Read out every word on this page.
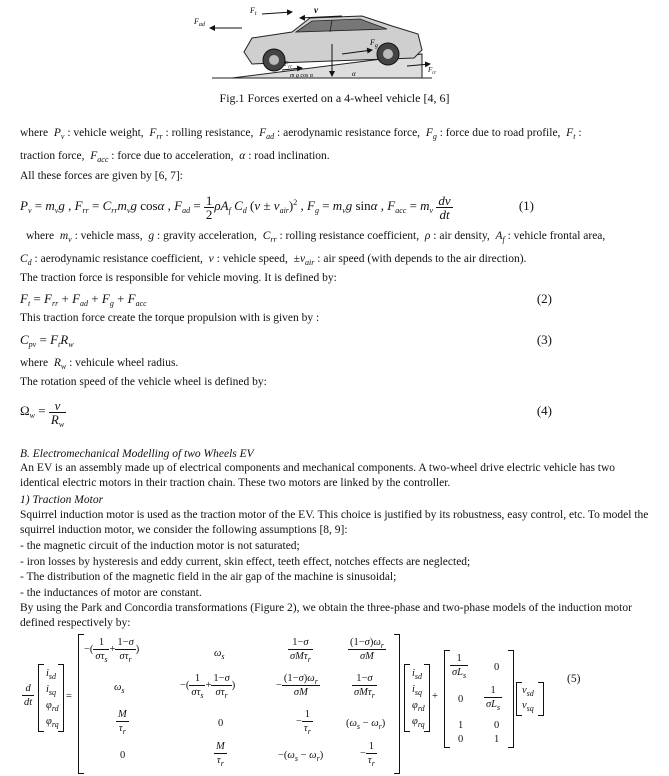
$F_{ad}$
$F_t$	v
$F_g$
$F_{rr}$	$F_{rr}$
m g cos α	α
Fig.1 Forces exerted on a 4-wheel vehicle [4, 6]
where $P_v$ : vehicle weight, $F_{rr}$ : rolling resistance, $F_{ad}$ : aerodynamic resistance force, $F_g$ : force due to road profile, $F_t$ :
traction force, $F_{acc}$ : force due to acceleration, α : road inclination.
All these forces are given by [6, 7]:
$P_v = m_vg$ , $F_{rr} = C_{rr}m_vg$ cosα , $F_{ad} = \frac{1}{2} \rho A_f$ $C_d$ $(v \pm v_{air})^2$ , $F_g = m_vg$ sinα , $F_{acc} = m_v \frac{dv}{dt}$	(1)
where $m_v$ : vehicle mass, g : gravity acceleration, $C_{rr}$ : rolling resistance coefficient, ρ : air density, $A_f$ : vehicle frontal area,
$C_d$ : aerodynamic resistance coefficient, v : vehicle speed,  $\pm v_{air}$ : air speed (with depends to the air direction).
The traction force is responsible for vehicle moving. It is defined by:
$F_t = F_{rr} + F_{ad} + F_g + F_{acc}$	(2)
This traction force create the torque propulsion with is given by :
$C_{pv} = F_tR_w$	(3)
where $R_w$ : vehicule wheel radius.
The rotation speed of the vehicle wheel is defined by:
$\Omega_w = \frac{v}{R_w}$	(4)
B. Electromechanical Modelling of two Wheels EV
An EV is an assembly made up of electrical components and mechanical components. A two-wheel drive electric vehicle has two identical electric motors in their traction chain. These two motors are linked by the controller.
1) Traction Motor
Squirrel induction motor is used as the traction motor of the EV. This choice is justified by its robustness, easy control, etc. To model the squirrel induction motor, we consider the following assumptions [8, 9]:
- the magnetic circuit of the induction motor is not saturated;
- iron losses by hysteresis and eddy current, skin effect, teeth effect, notches effects are neglected;
- The distribution of the magnetic field in the air gap of the machine is sinusoidal;
- the inductances of motor are constant.
By using the Park and Concordia transformations (Figure 2), we obtain the three-phase and two-phase models of the induction motor defined respectively by:
$\frac{d}{dt}$
$i_{sd}$
$i_{sq}$
$\varphi_{rd}$
$\varphi_{rq}$
=
−( $\frac{1}{\sigma\tau_s} + \frac{1-\sigma}{\sigma\tau_r}$ )	$\omega_s$	$\frac{1-\sigma}{\sigma M\tau_r}$	$\frac{(1-\sigma)\omega_r}{\sigma M}$
$\omega_s$	−( $\frac{1}{\sigma\tau_s} + \frac{1-\sigma}{\sigma\tau_r}$ )	− $\frac{(1-\sigma)\omega_r}{\sigma M}$	$\frac{1-\sigma}{\sigma M\tau_r}$
$\frac{M}{\tau_r}$	0	− $\frac{1}{\tau_r}$	$(\omega_s - \omega_r)$
0	$\frac{M}{\tau_r}$	$-(\omega_s - \omega_r)$	− $\frac{1}{\tau_r}$
$i_{sd}$
$i_{sq}$
$\varphi_{rd}$
$\varphi_{rq}$
+
$\frac{1}{\sigma L_s} 0$
$0 \frac{1}{\sigma L_s}$
1	0
0	1
$v_{sd}$
$v_{sq}$
(5)
